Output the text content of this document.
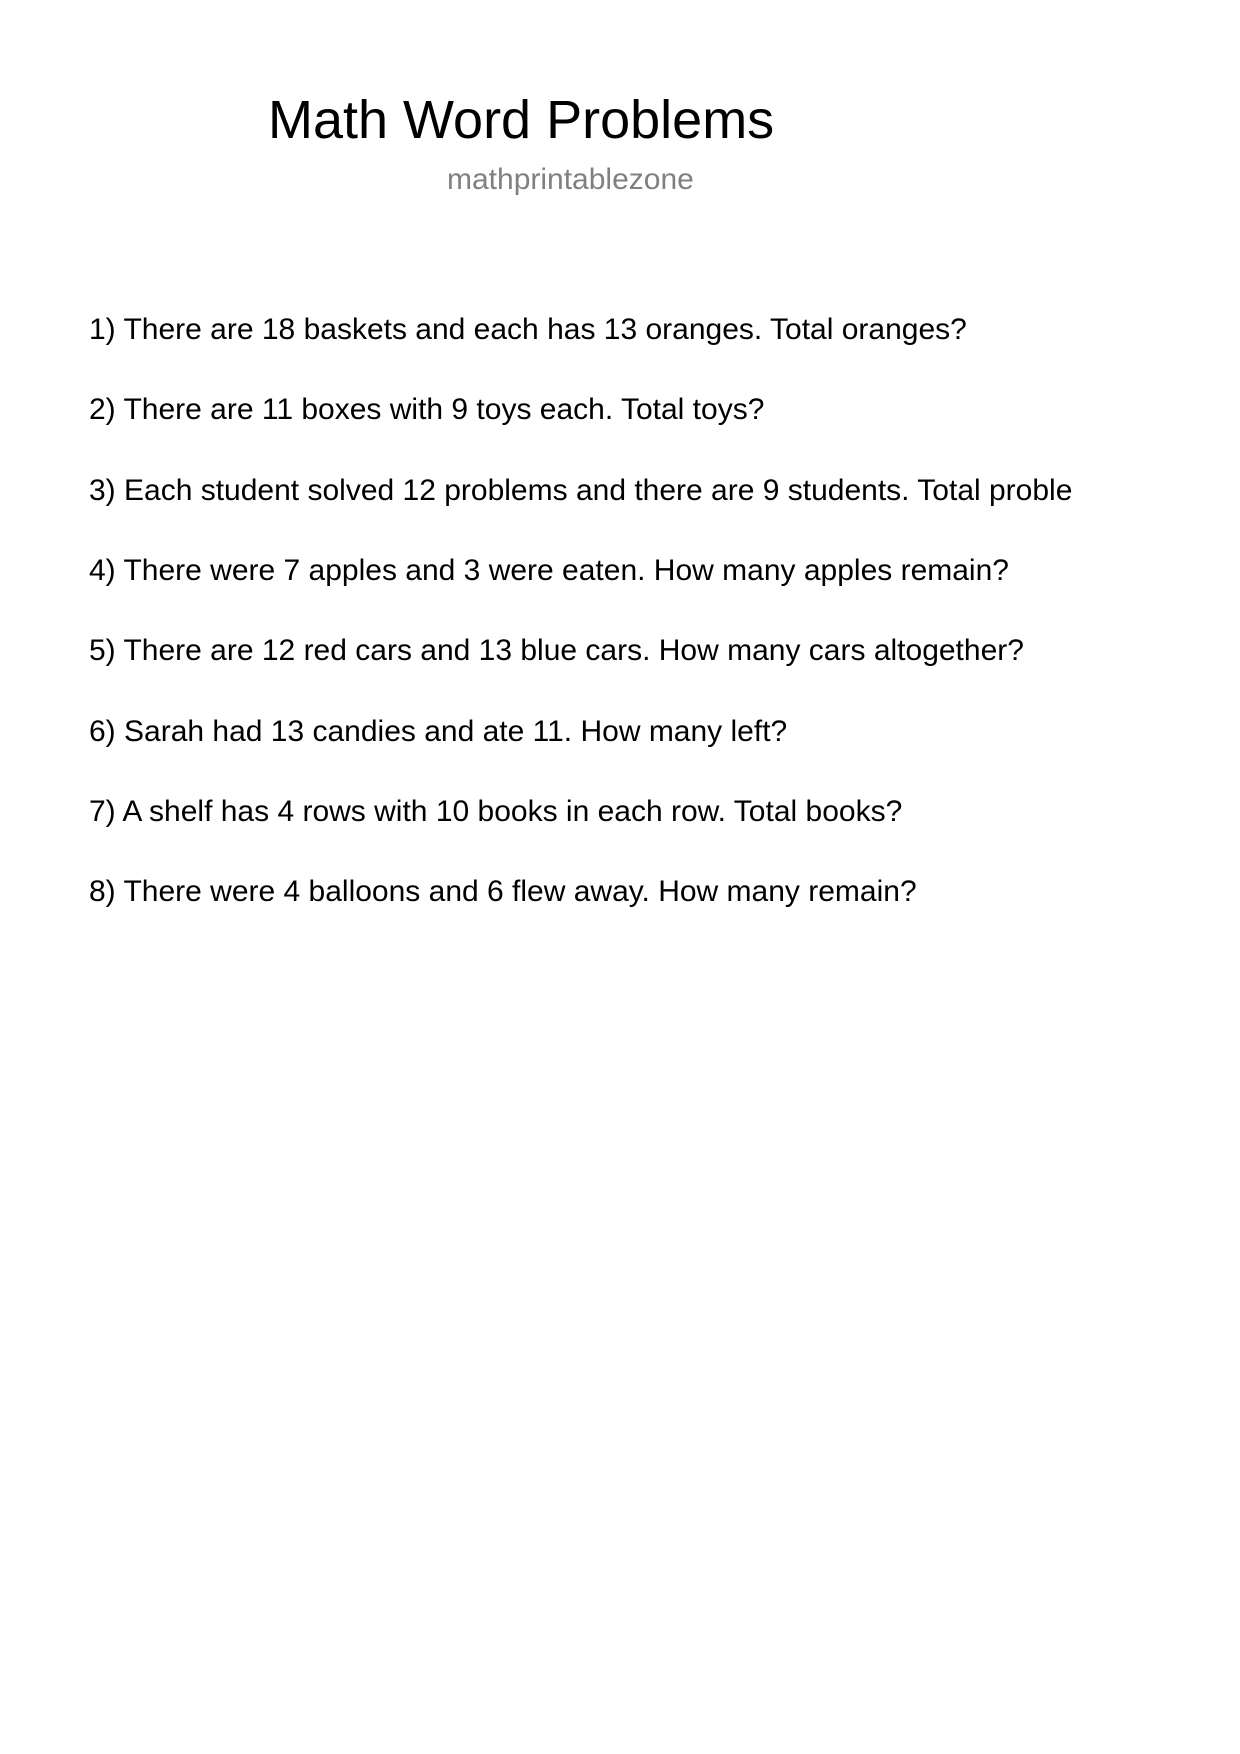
Math Word Problems
mathprintablezone
1) There are 18 baskets and each has 13 oranges. Total oranges?
2) There are 11 boxes with 9 toys each. Total toys?
3) Each student solved 12 problems and there are 9 students. Total proble
4) There were 7 apples and 3 were eaten. How many apples remain?
5) There are 12 red cars and 13 blue cars. How many cars altogether?
6) Sarah had 13 candies and ate 11. How many left?
7) A shelf has 4 rows with 10 books in each row. Total books?
8) There were 4 balloons and 6 flew away. How many remain?
